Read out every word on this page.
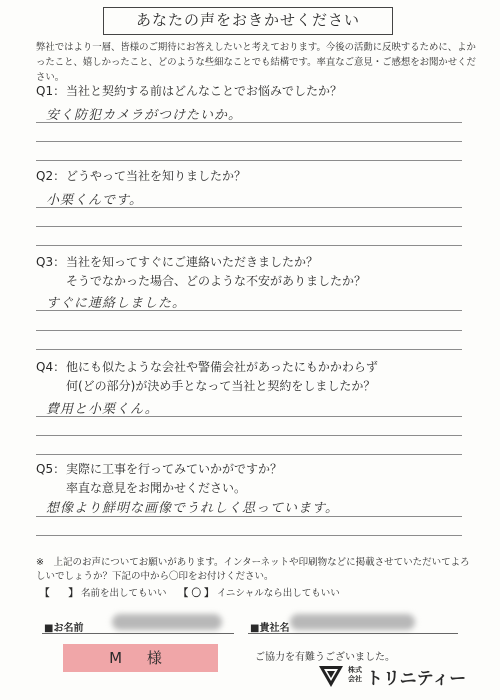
あなたの声をおきかせください
弊社ではより一層、皆様のご期待にお答えしたいと考えております。今後の活動に反映するために、よかったこと、嬉しかったこと、どのような些細なことでも結構です。率直なご意見・ご感想をお聞かせください。
Q1：当社と契約する前はどんなことでお悩みでしたか？
安く防犯カメラがつけたいか。
Q2：どうやって当社を知りましたか？
小栗くんです。
Q3：当社を知ってすぐにご連絡いただきましたか？
そうでなかった場合、どのような不安がありましたか？
すぐに連絡しました。
Q4：他にも似たような会社や警備会社があったにもかかわらず
何(どの部分)が決め手となって当社と契約をしましたか？
費用と小栗くん。
Q5：実際に工事を行ってみていかがですか？
率直な意見をお聞かせください。
想像より鮮明な画像でうれしく思っています。
※　上記のお声についてお願いがあります。インターネットや印刷物などに掲載させていただいてよろしいでしょうか？下記の中から〇印をお付けください。
【　　】 名前を出してもいい 【 〇 】 イニシャルなら出してもいい
■お名前	■貴社名
M 様	ご協力を有難うございました。
株式会社 トリニティー
